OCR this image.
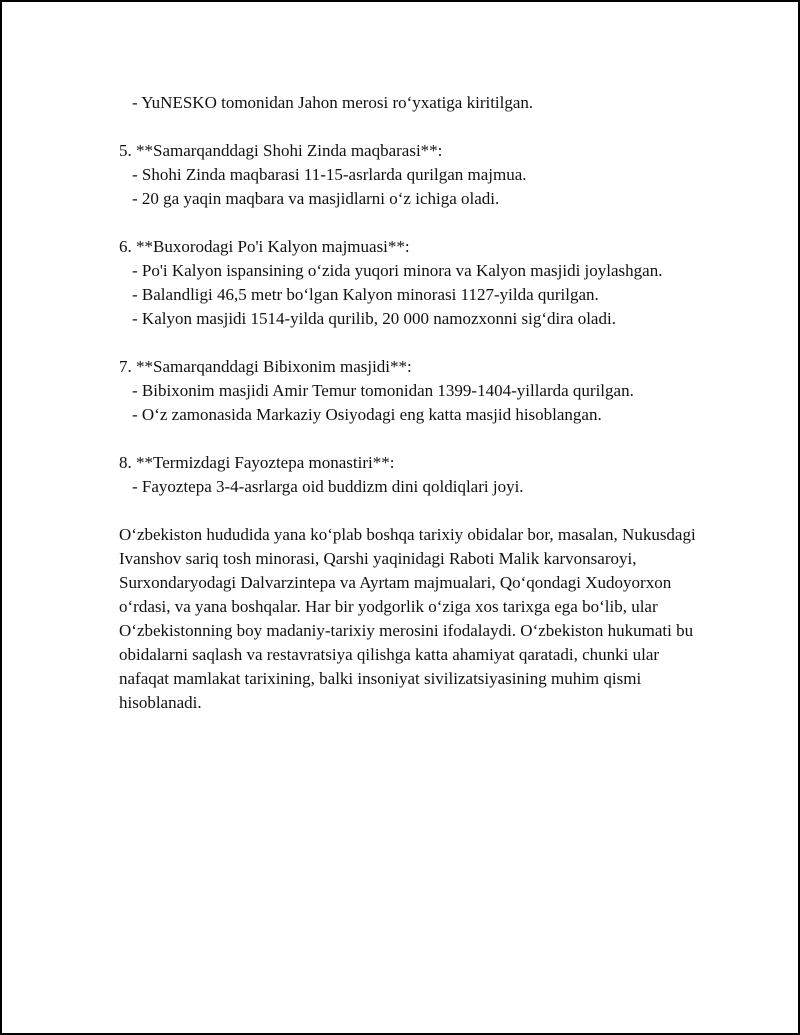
- YuNESKO tomonidan Jahon merosi ro‘yxatiga kiritilgan.

5. **Samarqanddagi Shohi Zinda maqbarasi**:

- Shohi Zinda maqbarasi 11-15-asrlarda qurilgan majmua.

- 20 ga yaqin maqbara va masjidlarni o‘z ichiga oladi.

6. **Buxorodagi Po'i Kalyon majmuasi**:

- Po'i Kalyon ispansining o‘zida yuqori minora va Kalyon masjidi joylashgan.

- Balandligi 46,5 metr bo‘lgan Kalyon minorasi 1127-yilda qurilgan.

- Kalyon masjidi 1514-yilda qurilib, 20 000 namozxonni sig‘dira oladi.

7. **Samarqanddagi Bibixonim masjidi**:

- Bibixonim masjidi Amir Temur tomonidan 1399-1404-yillarda qurilgan.

- O‘z zamonasida Markaziy Osiyodagi eng katta masjid hisoblangan.

8. **Termizdagi Fayoztepa monastiri**:

- Fayoztepa 3-4-asrlarga oid buddizm dini qoldiqlari joyi.

O‘zbekiston hududida yana ko‘plab boshqa tarixiy obidalar bor, masalan, Nukusdagi Ivanshov sariq tosh minorasi, Qarshi yaqinidagi Raboti Malik karvonsaroyi, Surxondaryodagi Dalvarzintepa va Ayrtam majmualari, Qo‘qondagi Xudoyorxon o‘rdasi, va yana boshqalar. Har bir yodgorlik o‘ziga xos tarixga ega bo‘lib, ular O‘zbekistonning boy madaniy-tarixiy merosini ifodalaydi. O‘zbekiston hukumati bu obidalarni saqlash va restavratsiya qilishga katta ahamiyat qaratadi, chunki ular nafaqat mamlakat tarixining, balki insoniyat sivilizatsiyasining muhim qismi hisoblanadi.
